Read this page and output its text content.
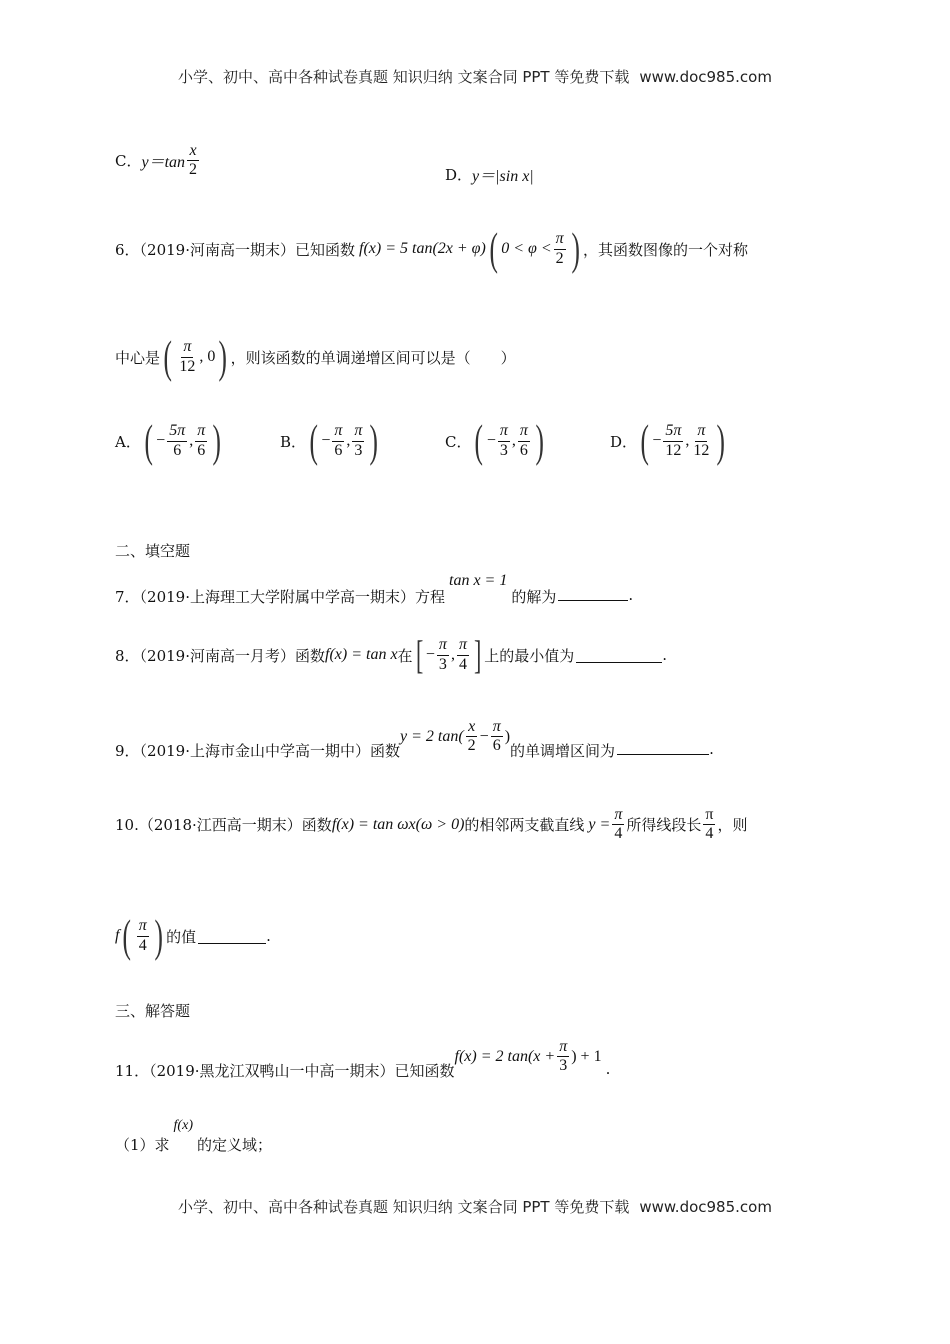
小学、初中、高中各种试卷真题 知识归纳 文案合同 PPT 等免费下载 www.doc985.com
C． $y=\tan \frac{x}{2}$	D． y＝|sin x|
6．（2019·河南高一期末）已知函数 f(x) = 5 tan(2x + φ) ( $0 < \varphi < \frac{\pi}{2}$ ) ，其函数图像的一个对称
中心是 ( $\frac{\pi}{12}$ , 0 ) ，则该函数的单调递增区间可以是（　　）
A． ( − $\frac{5\pi}{6}$ , $\frac{\pi}{6}$ )	B． ( − $\frac{\pi}{6}$ , $\frac{\pi}{3}$ )	C． ( − $\frac{\pi}{3}$ , $\frac{\pi}{6}$ )	D． ( − $\frac{5\pi}{12}$ , $\frac{\pi}{12}$ )
二、填空题
7．（2019·上海理工大学附属中学高一期末）方程
tan x = 1
的解为	.
8．（2019·河南高一月考）函数 f(x) = tan x 在 [ − $\frac{\pi}{3}$ , $\frac{\pi}{4}$ ] 上的最小值为	.
9．（2019·上海市金山中学高一期中）函数
y = 2 $\tan( \frac{x}{2} - \frac{\pi}{6}$ )
的单调增区间为	.
10.（2018·江西高一期末）函数 f(x) = tan ωx(ω > 0) 的相邻两支截直线 $y = \frac{\pi}{4}$ 所得线段长 $\frac{\pi}{4}$ ，则
f ( $\frac{\pi}{4}$ ) 的值	.
三、解答题
11．（2019·黑龙江双鸭山一中高一期末）已知函数
f(x) = 2 $\tan(x + \frac{\pi}{3}$ ) + 1
.
（1）求
f(x)
的定义域；
小学、初中、高中各种试卷真题 知识归纳 文案合同 PPT 等免费下载 www.doc985.com
